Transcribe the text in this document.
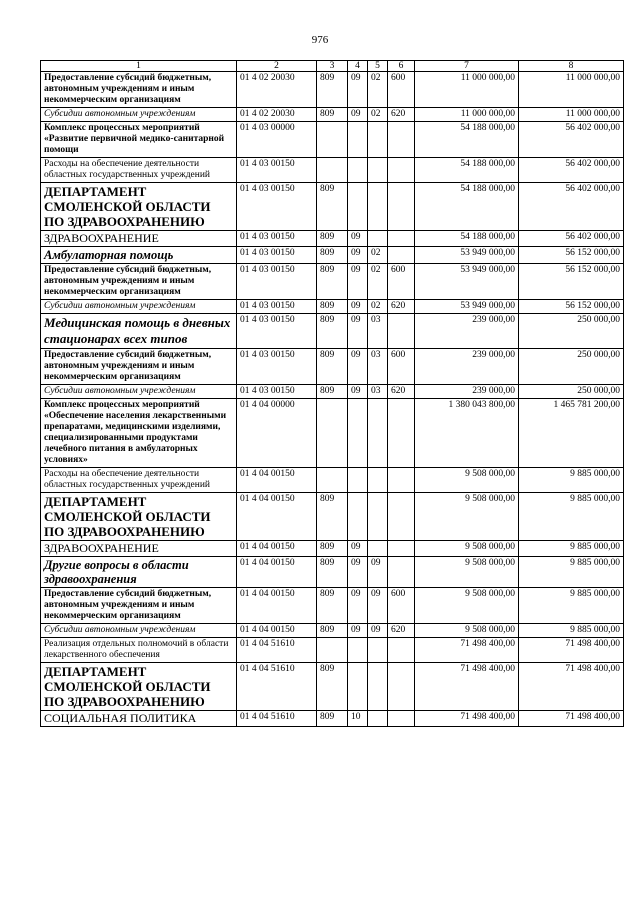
976
1	2	3	4	5	6	7	8
Предоставление субсидий бюджетным, автономным учреждениям и иным некоммерческим организациям	01 4 02 20030	809	09	02	600	11 000 000,00	11 000 000,00
Субсидии автономным учреждениям	01 4 02 20030	809	09	02	620	11 000 000,00	11 000 000,00
Комплекс процессных мероприятий «Развитие первичной медико-санитарной помощи	01 4 03 00000					54 188 000,00	56 402 000,00
Расходы на обеспечение деятельности областных государственных учреждений	01 4 03 00150					54 188 000,00	56 402 000,00
ДЕПАРТАМЕНТ СМОЛЕНСКОЙ ОБЛАСТИ ПО ЗДРАВООХРАНЕНИЮ	01 4 03 00150	809				54 188 000,00	56 402 000,00
ЗДРАВООХРАНЕНИЕ	01 4 03 00150	809	09			54 188 000,00	56 402 000,00
Амбулаторная помощь	01 4 03 00150	809	09	02		53 949 000,00	56 152 000,00
Предоставление субсидий бюджетным, автономным учреждениям и иным некоммерческим организациям	01 4 03 00150	809	09	02	600	53 949 000,00	56 152 000,00
Субсидии автономным учреждениям	01 4 03 00150	809	09	02	620	53 949 000,00	56 152 000,00
Медицинская помощь в дневных стационарах всех типов	01 4 03 00150	809	09	03		239 000,00	250 000,00
Предоставление субсидий бюджетным, автономным учреждениям и иным некоммерческим организациям	01 4 03 00150	809	09	03	600	239 000,00	250 000,00
Субсидии автономным учреждениям	01 4 03 00150	809	09	03	620	239 000,00	250 000,00
Комплекс процессных мероприятий «Обеспечение населения лекарственными препаратами, медицинскими изделиями, специализированными продуктами лечебного питания в амбулаторных условиях»	01 4 04 00000					1 380 043 800,00	1 465 781 200,00
Расходы на обеспечение деятельности областных государственных учреждений	01 4 04 00150					9 508 000,00	9 885 000,00
ДЕПАРТАМЕНТ СМОЛЕНСКОЙ ОБЛАСТИ ПО ЗДРАВООХРАНЕНИЮ	01 4 04 00150	809				9 508 000,00	9 885 000,00
ЗДРАВООХРАНЕНИЕ	01 4 04 00150	809	09			9 508 000,00	9 885 000,00
Другие вопросы в области здравоохранения	01 4 04 00150	809	09	09		9 508 000,00	9 885 000,00
Предоставление субсидий бюджетным, автономным учреждениям и иным некоммерческим организациям	01 4 04 00150	809	09	09	600	9 508 000,00	9 885 000,00
Субсидии автономным учреждениям	01 4 04 00150	809	09	09	620	9 508 000,00	9 885 000,00
Реализация отдельных полномочий в области лекарственного обеспечения	01 4 04 51610					71 498 400,00	71 498 400,00
ДЕПАРТАМЕНТ СМОЛЕНСКОЙ ОБЛАСТИ ПО ЗДРАВООХРАНЕНИЮ	01 4 04 51610	809				71 498 400,00	71 498 400,00
СОЦИАЛЬНАЯ ПОЛИТИКА	01 4 04 51610	809	10			71 498 400,00	71 498 400,00
